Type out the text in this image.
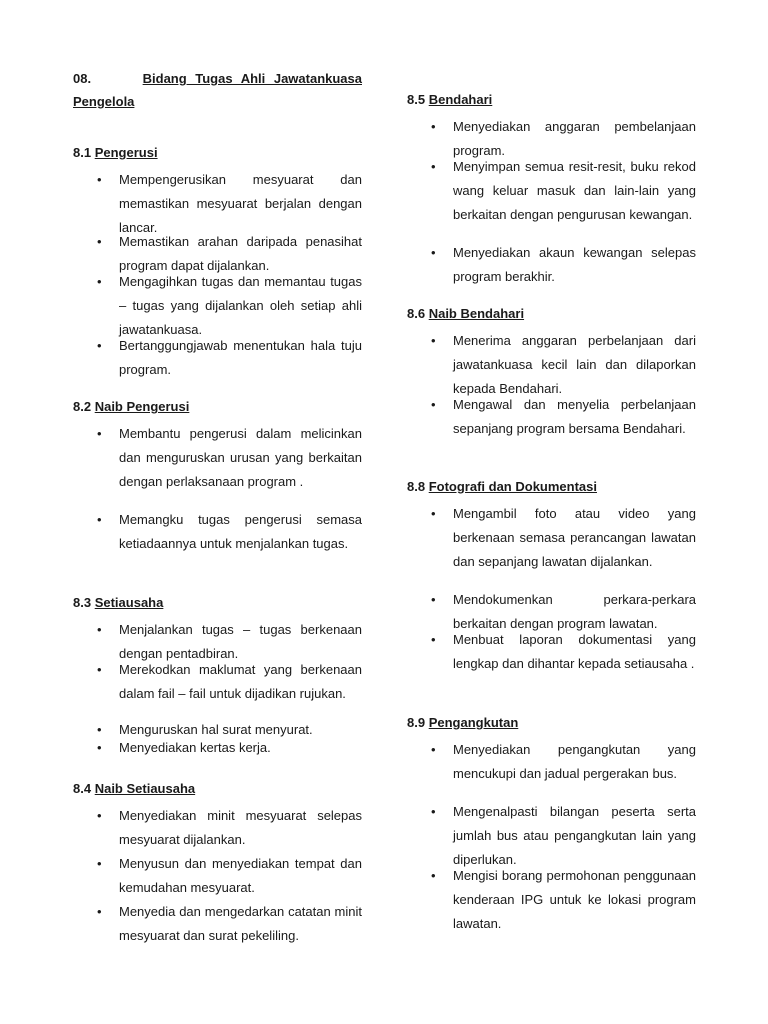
08.	Bidang Tugas Ahli Jawatankuasa Pengelola
8.1 Pengerusi
• Mempengerusikan mesyuarat dan memastikan mesyuarat berjalan dengan lancar.
• Memastikan arahan daripada penasihat program dapat dijalankan.
• Mengagihkan tugas dan memantau tugas – tugas yang dijalankan oleh setiap ahli jawatankuasa.
• Bertanggungjawab menentukan hala tuju program.
8.2 Naib Pengerusi
• Membantu pengerusi dalam melicinkan dan menguruskan urusan yang berkaitan dengan perlaksanaan program .
• Memangku tugas pengerusi semasa ketiadaannya untuk menjalankan tugas.
8.3 Setiausaha
• Menjalankan tugas – tugas berkenaan dengan pentadbiran.
• Merekodkan maklumat yang berkenaan dalam fail – fail untuk dijadikan rujukan.
• Menguruskan hal surat menyurat.
• Menyediakan kertas kerja.
8.4 Naib Setiausaha
• Menyediakan minit mesyuarat selepas mesyuarat dijalankan.
• Menyusun dan menyediakan tempat dan kemudahan mesyuarat.
• Menyedia dan mengedarkan catatan minit mesyuarat dan surat pekeliling.
8.5 Bendahari
• Menyediakan anggaran pembelanjaan program.
• Menyimpan semua resit-resit, buku rekod wang keluar masuk dan lain-lain yang berkaitan dengan pengurusan kewangan.
• Menyediakan akaun kewangan selepas program berakhir.
8.6 Naib Bendahari
• Menerima anggaran perbelanjaan dari jawatankuasa kecil lain dan dilaporkan kepada Bendahari.
• Mengawal dan menyelia perbelanjaan sepanjang program bersama Bendahari.
8.8 Fotografi dan Dokumentasi
• Mengambil foto atau video yang berkenaan semasa perancangan lawatan dan sepanjang lawatan dijalankan.
• Mendokumenkan perkara-perkara berkaitan dengan program lawatan.
• Menbuat laporan dokumentasi yang lengkap dan dihantar kepada setiausaha .
8.9 Pengangkutan
• Menyediakan pengangkutan yang mencukupi dan jadual pergerakan bus.
• Mengenalpasti bilangan peserta serta jumlah bus atau pengangkutan lain yang diperlukan.
• Mengisi borang permohonan penggunaan kenderaan IPG untuk ke lokasi program lawatan.
